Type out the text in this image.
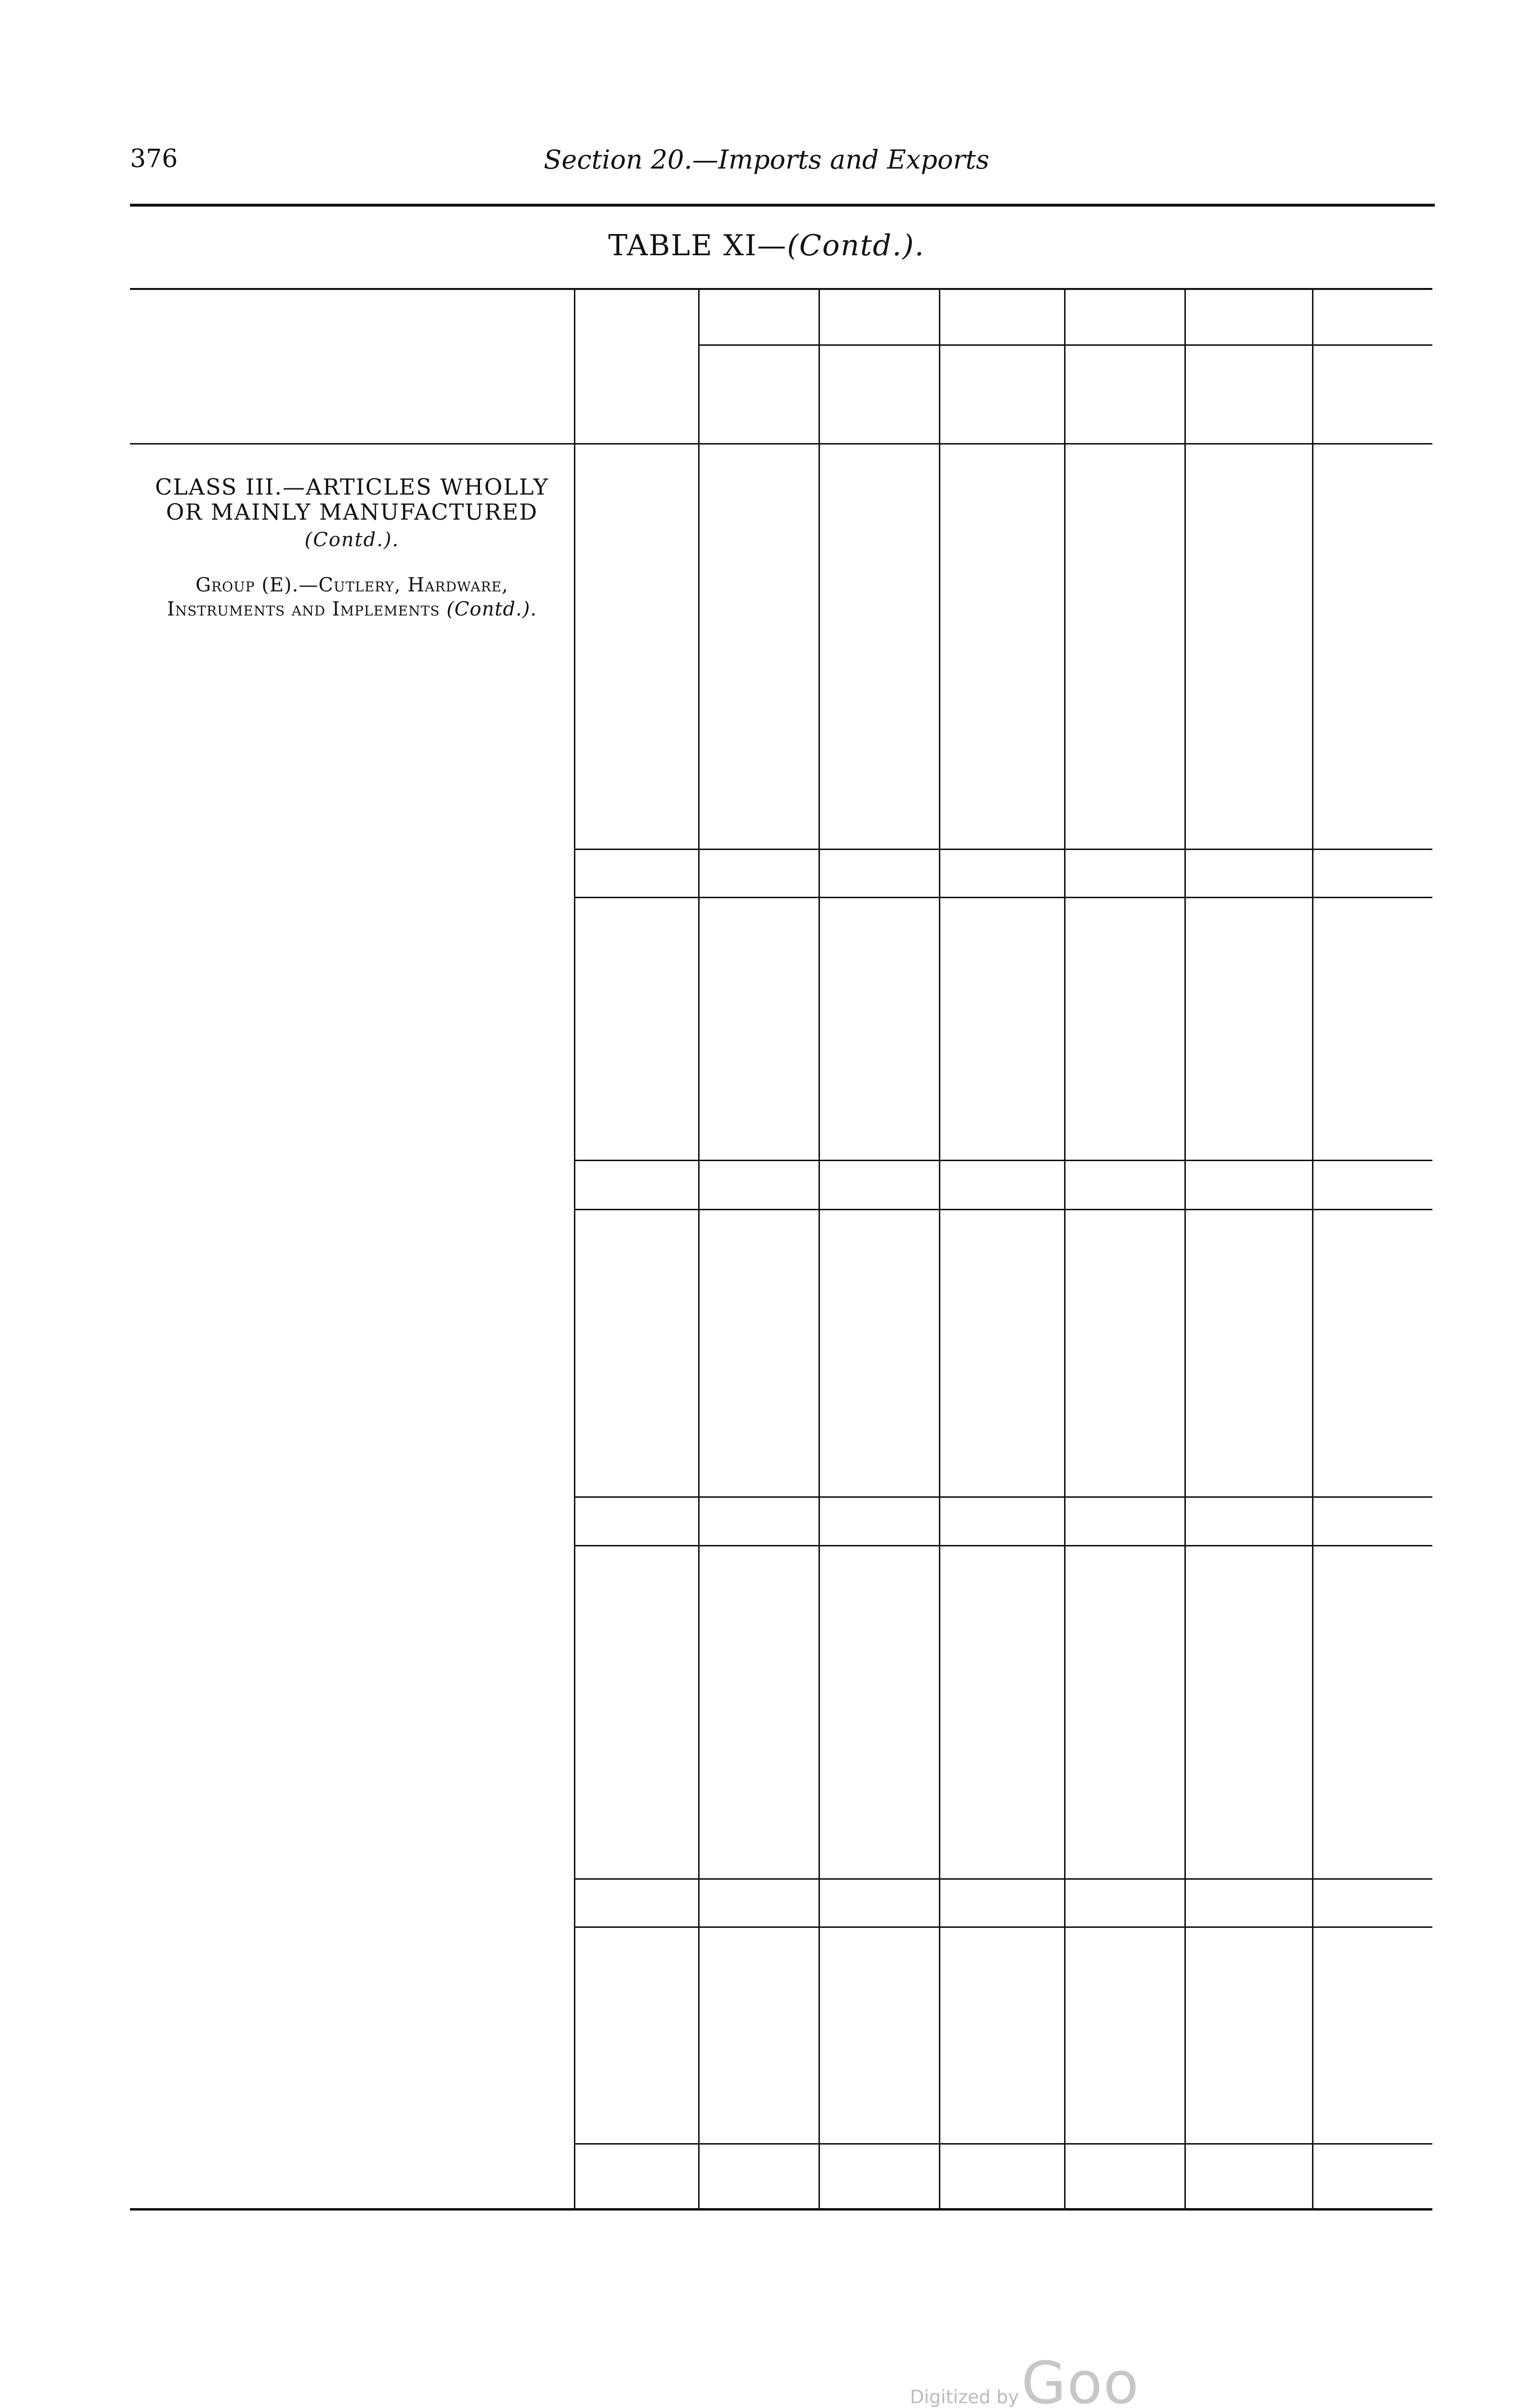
376	Section 20.—Imports and Exports
TABLE XI—(Contd.).
Digitized by Goo
CLASS III.—ARTICLES WHOLLY OR MAINLY MANUFACTURED (Contd.).
Group (E).—Cutlery, Hardware, Instruments and Implements (Contd.).
